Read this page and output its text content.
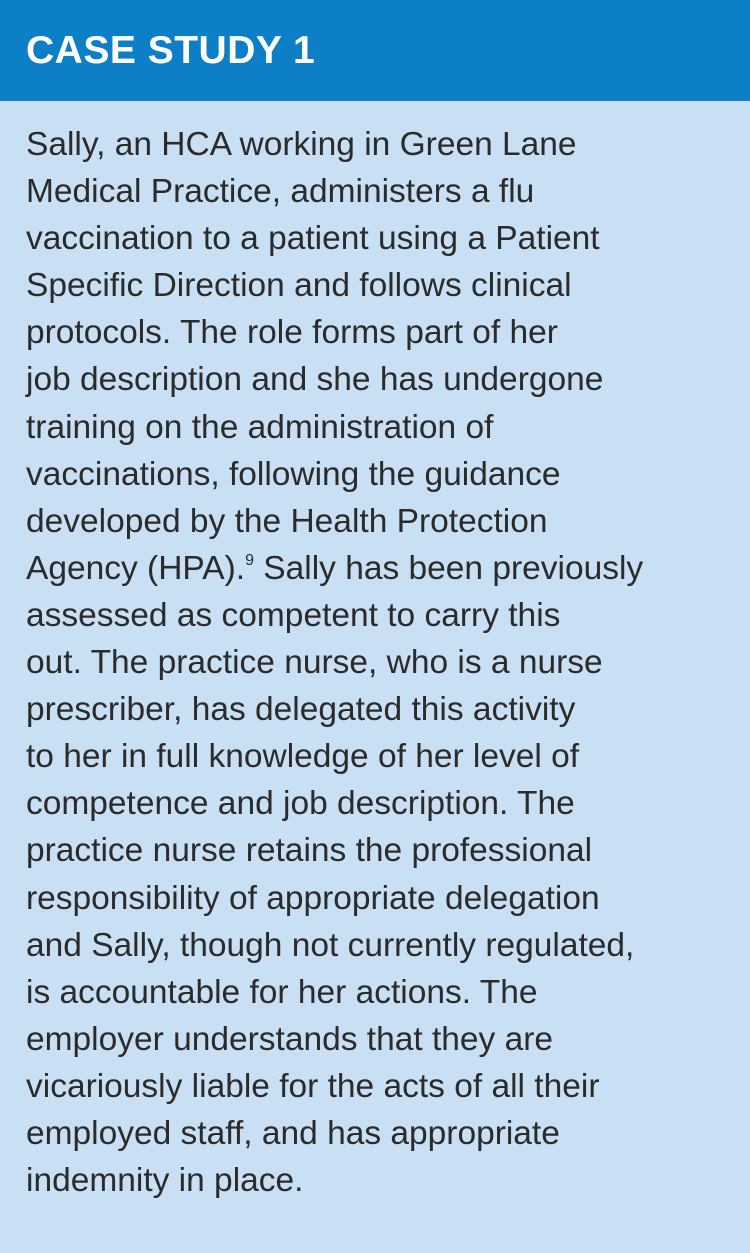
CASE STUDY 1
Sally, an HCA working in Green Lane
Medical Practice, administers a flu
vaccination to a patient using a Patient
Specific Direction and follows clinical
protocols. The role forms part of her
job description and she has undergone
training on the administration of
vaccinations, following the guidance
developed by the Health Protection
Agency (HPA).$^9$ Sally has been previously
assessed as competent to carry this
out. The practice nurse, who is a nurse
prescriber, has delegated this activity
to her in full knowledge of her level of
competence and job description. The
practice nurse retains the professional
responsibility of appropriate delegation
and Sally, though not currently regulated,
is accountable for her actions. The
employer understands that they are
vicariously liable for the acts of all their
employed staff, and has appropriate
indemnity in place.
